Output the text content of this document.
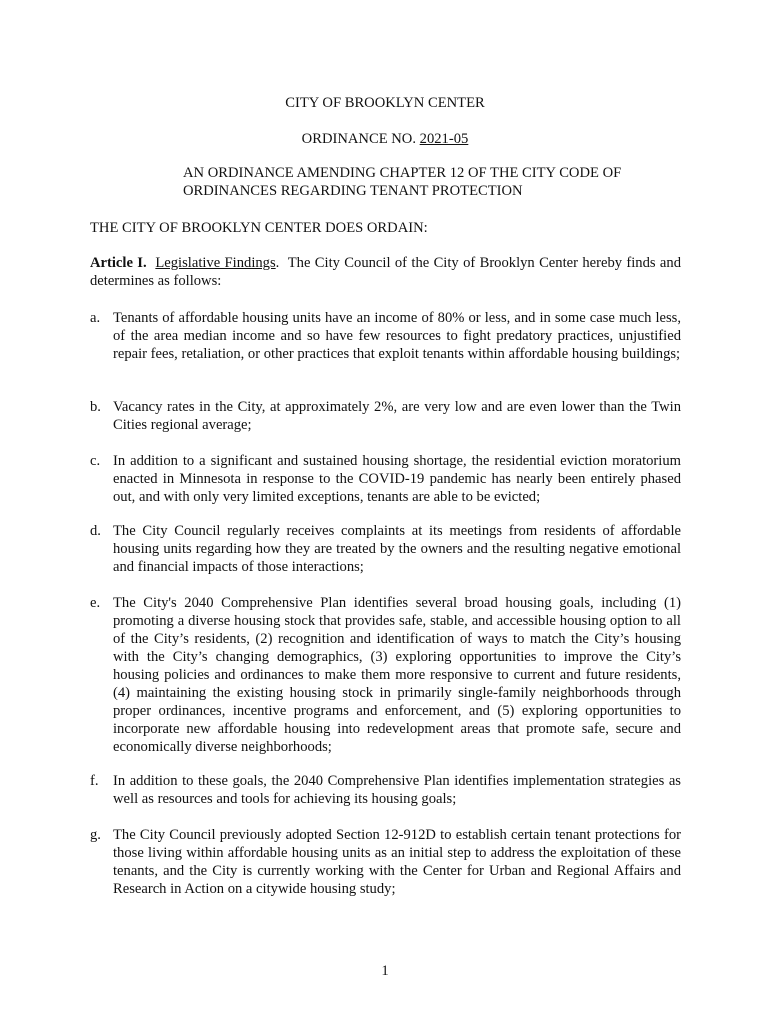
CITY OF BROOKLYN CENTER
ORDINANCE NO. 2021-05
AN ORDINANCE AMENDING CHAPTER 12 OF THE CITY CODE OF
ORDINANCES REGARDING TENANT PROTECTION
THE CITY OF BROOKLYN CENTER DOES ORDAIN:
Article I. Legislative Findings.  The City Council of the City of Brooklyn Center hereby finds and determines as follows:
a. Tenants of affordable housing units have an income of 80% or less, and in some case much less, of the area median income and so have few resources to fight predatory practices, unjustified repair fees, retaliation, or other practices that exploit tenants within affordable housing buildings;
b. Vacancy rates in the City, at approximately 2%, are very low and are even lower than the Twin Cities regional average;
c. In addition to a significant and sustained housing shortage, the residential eviction moratorium enacted in Minnesota in response to the COVID-19 pandemic has nearly been entirely phased out, and with only very limited exceptions, tenants are able to be evicted;
d. The City Council regularly receives complaints at its meetings from residents of affordable housing units regarding how they are treated by the owners and the resulting negative emotional and financial impacts of those interactions;
e. The City's 2040 Comprehensive Plan identifies several broad housing goals, including (1) promoting a diverse housing stock that provides safe, stable, and accessible housing option to all of the City’s residents, (2) recognition and identification of ways to match the City’s housing with the City’s changing demographics, (3) exploring opportunities to improve the City’s housing policies and ordinances to make them more responsive to current and future residents, (4) maintaining the existing housing stock in primarily single-family neighborhoods through proper ordinances, incentive programs and enforcement, and (5) exploring opportunities to incorporate new affordable housing into redevelopment areas that promote safe, secure and economically diverse neighborhoods;
f. In addition to these goals, the 2040 Comprehensive Plan identifies implementation strategies as well as resources and tools for achieving its housing goals;
g. The City Council previously adopted Section 12-912D to establish certain tenant protections for those living within affordable housing units as an initial step to address the exploitation of these tenants, and the City is currently working with the Center for Urban and Regional Affairs and Research in Action on a citywide housing study;
1
